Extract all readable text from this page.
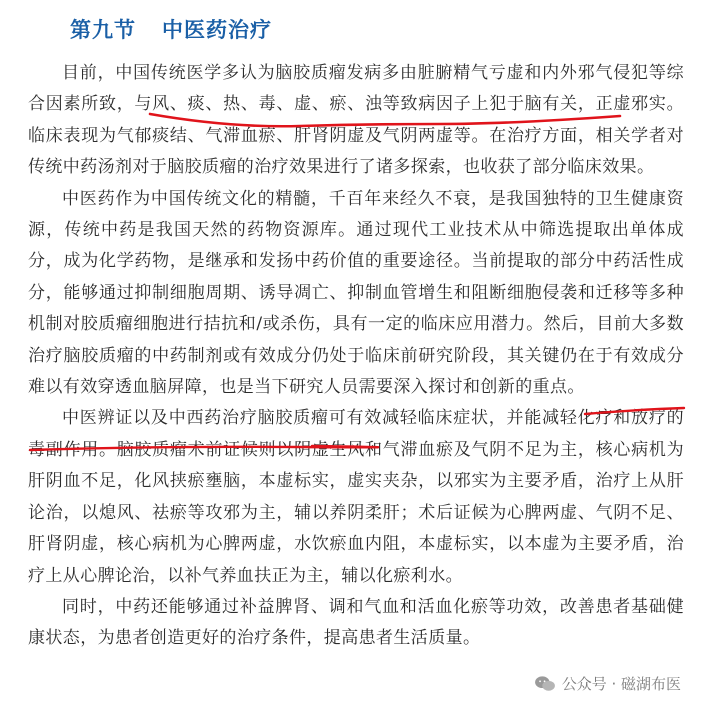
第九节 中医药治疗

目前，中国传统医学多认为脑胶质瘤发病多由脏腑精气亏虚和内外邪气侵犯等综合因素所致，与风、痰、热、毒、虚、瘀、浊等致病因子上犯于脑有关，正虚邪实。临床表现为气郁痰结、气滞血瘀、肝肾阴虚及气阴两虚等。在治疗方面，相关学者对传统中药汤剂对于脑胶质瘤的治疗效果进行了诸多探索，也收获了部分临床效果。

中医药作为中国传统文化的精髓，千百年来经久不衰，是我国独特的卫生健康资源，传统中药是我国天然的药物资源库。通过现代工业技术从中筛选提取出单体成分，成为化学药物，是继承和发扬中药价值的重要途径。当前提取的部分中药活性成分，能够通过抑制细胞周期、诱导凋亡、抑制血管增生和阻断细胞侵袭和迁移等多种机制对胶质瘤细胞进行拮抗和/或杀伤，具有一定的临床应用潜力。然后，目前大多数治疗脑胶质瘤的中药制剂或有效成分仍处于临床前研究阶段，其关键仍在于有效成分难以有效穿透血脑屏障，也是当下研究人员需要深入探讨和创新的重点。

中医辨证以及中西药治疗脑胶质瘤可有效减轻临床症状，并能减轻化疗和放疗的毒副作用。脑胶质瘤术前证候则以阴虚生风和气滞血瘀及气阴不足为主，核心病机为肝阴血不足，化风挟瘀壅脑，本虚标实，虚实夹杂，以邪实为主要矛盾，治疗上从肝论治，以熄风、祛瘀等攻邪为主，辅以养阴柔肝；术后证候为心脾两虚、气阴不足、肝肾阴虚，核心病机为心脾两虚，水饮瘀血内阻，本虚标实，以本虚为主要矛盾，治疗上从心脾论治，以补气养血扶正为主，辅以化瘀利水。

同时，中药还能够通过补益脾肾、调和气血和活血化瘀等功效，改善患者基础健康状态，为患者创造更好的治疗条件，提高患者生活质量。

公众号 · 磁湖布医
